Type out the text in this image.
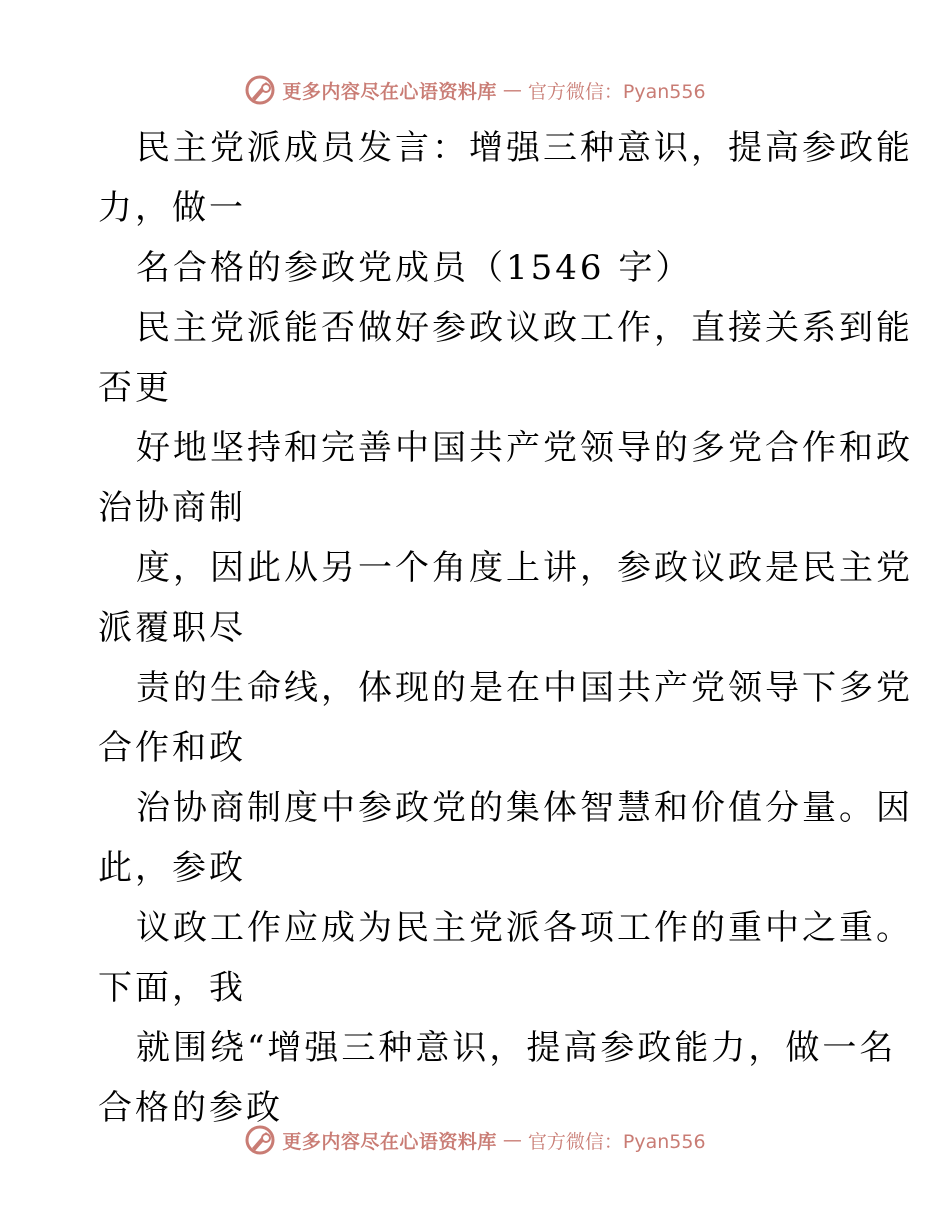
更多内容尽在心语资料库 — 官方微信：Pyan556
民主党派成员发言：增强三种意识，提高参政能
力，做一
名合格的参政党成员（1546 字）
民主党派能否做好参政议政工作，直接关系到能
否更
好地坚持和完善中国共产党领导的多党合作和政
治协商制
度，因此从另一个角度上讲，参政议政是民主党
派覆职尽
责的生命线，体现的是在中国共产党领导下多党
合作和政
治协商制度中参政党的集体智慧和价值分量。因
此，参政
议政工作应成为民主党派各项工作的重中之重。
下面，我
就围绕“增强三种意识，提高参政能力，做一名
合格的参政
更多内容尽在心语资料库 — 官方微信：Pyan556
